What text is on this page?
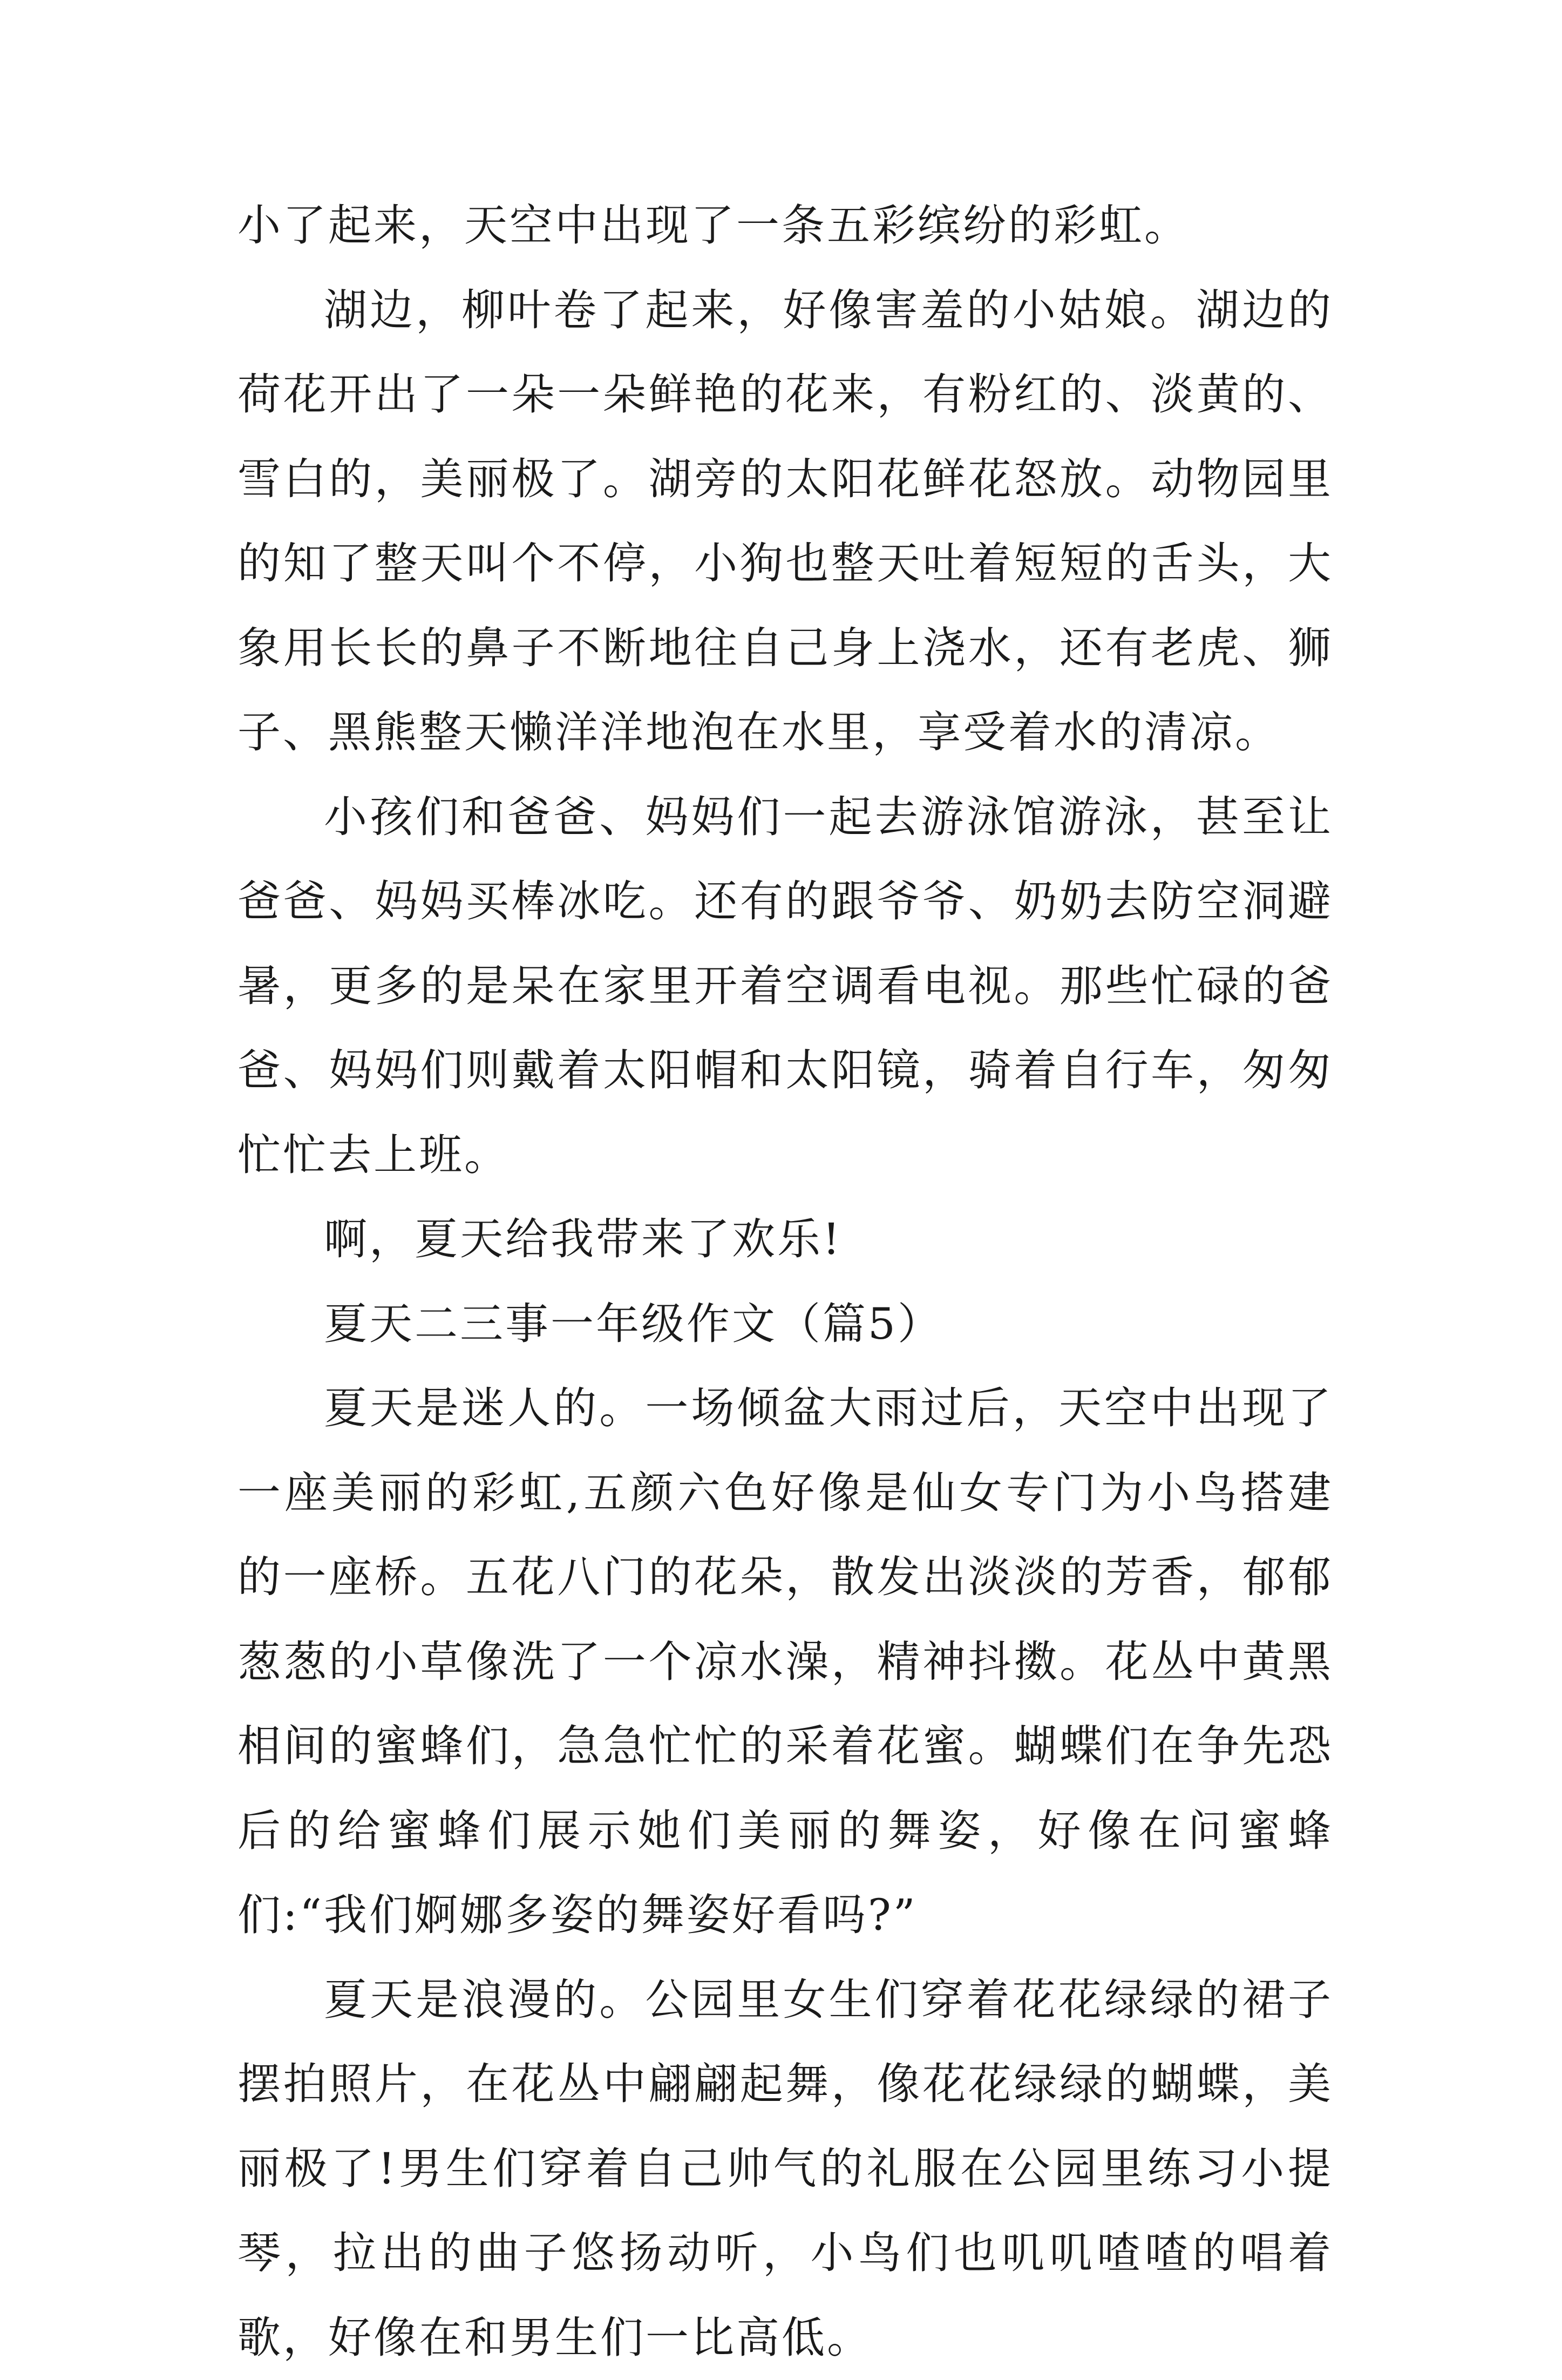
小了起来，天空中出现了一条五彩缤纷的彩虹。

湖边，柳叶卷了起来，好像害羞的小姑娘。湖边的荷花开出了一朵一朵鲜艳的花来，有粉红的、淡黄的、雪白的，美丽极了。湖旁的太阳花鲜花怒放。动物园里的知了整天叫个不停，小狗也整天吐着短短的舌头，大象用长长的鼻子不断地往自己身上浇水，还有老虎、狮子、黑熊整天懒洋洋地泡在水里，享受着水的清凉。

小孩们和爸爸、妈妈们一起去游泳馆游泳，甚至让爸爸、妈妈买棒冰吃。还有的跟爷爷、奶奶去防空洞避暑，更多的是呆在家里开着空调看电视。那些忙碌的爸爸、妈妈们则戴着太阳帽和太阳镜，骑着自行车，匆匆忙忙去上班。

啊，夏天给我带来了欢乐!

夏天二三事一年级作文（篇5）

夏天是迷人的。一场倾盆大雨过后，天空中出现了一座美丽的彩虹,五颜六色好像是仙女专门为小鸟搭建的一座桥。五花八门的花朵，散发出淡淡的芳香，郁郁葱葱的小草像洗了一个凉水澡，精神抖擞。花丛中黄黑相间的蜜蜂们，急急忙忙的采着花蜜。蝴蝶们在争先恐后的给蜜蜂们展示她们美丽的舞姿，好像在问蜜蜂们:“我们婀娜多姿的舞姿好看吗?”

夏天是浪漫的。公园里女生们穿着花花绿绿的裙子摆拍照片，在花丛中翩翩起舞，像花花绿绿的蝴蝶，美丽极了!男生们穿着自己帅气的礼服在公园里练习小提琴，拉出的曲子悠扬动听，小鸟们也叽叽喳喳的唱着歌，好像在和男生们一比高低。
